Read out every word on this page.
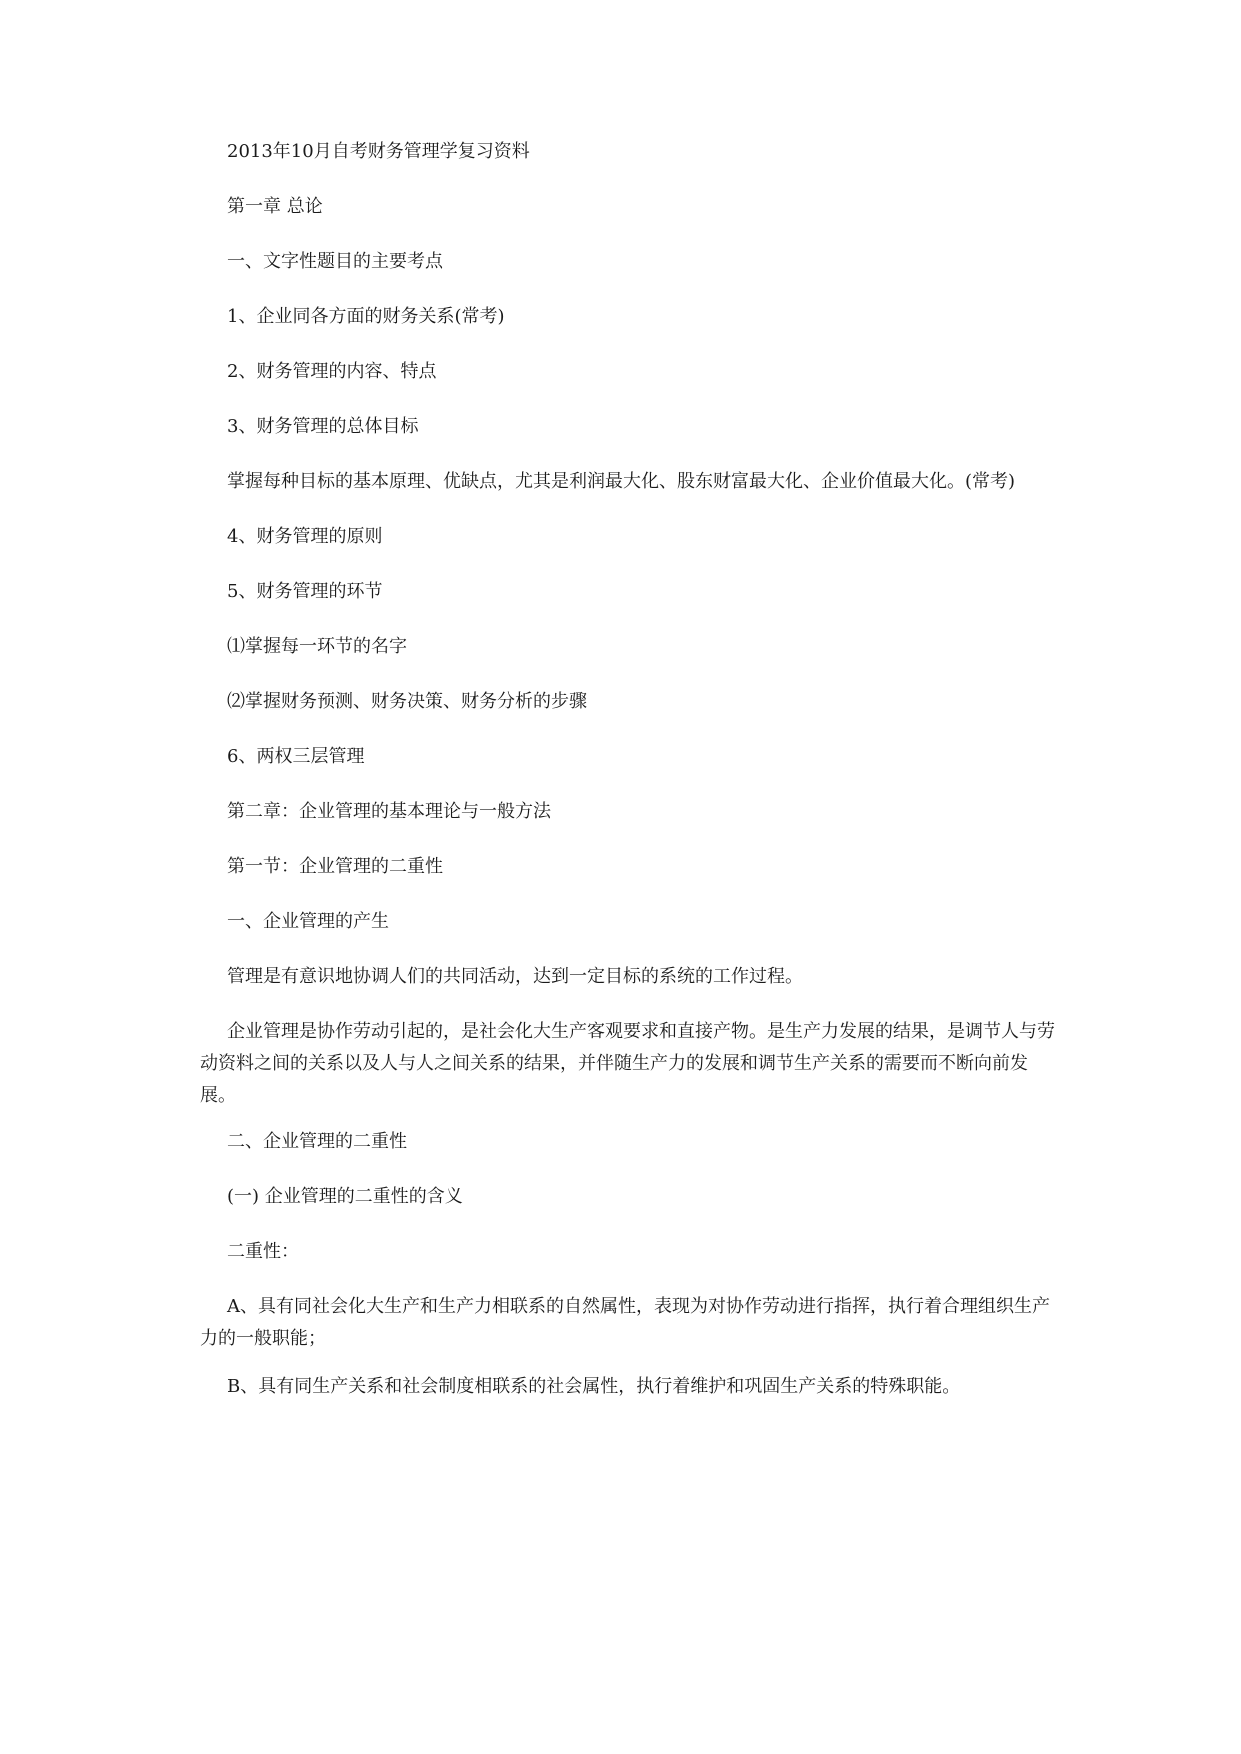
2013年10月自考财务管理学复习资料
第一章 总论
一、文字性题目的主要考点
1、企业同各方面的财务关系(常考)
2、财务管理的内容、特点
3、财务管理的总体目标
掌握每种目标的基本原理、优缺点，尤其是利润最大化、股东财富最大化、企业价值最大化。(常考)
4、财务管理的原则
5、财务管理的环节
⑴掌握每一环节的名字
⑵掌握财务预测、财务决策、财务分析的步骤
6、两权三层管理
第二章：企业管理的基本理论与一般方法
第一节：企业管理的二重性
一、企业管理的产生
管理是有意识地协调人们的共同活动，达到一定目标的系统的工作过程。
企业管理是协作劳动引起的，是社会化大生产客观要求和直接产物。是生产力发展的结果，是调节人与劳动资料之间的关系以及人与人之间关系的结果，并伴随生产力的发展和调节生产关系的需要而不断向前发展。
二、企业管理的二重性
(一) 企业管理的二重性的含义
二重性：
A、具有同社会化大生产和生产力相联系的自然属性，表现为对协作劳动进行指挥，执行着合理组织生产力的一般职能；
B、具有同生产关系和社会制度相联系的社会属性，执行着维护和巩固生产关系的特殊职能。
